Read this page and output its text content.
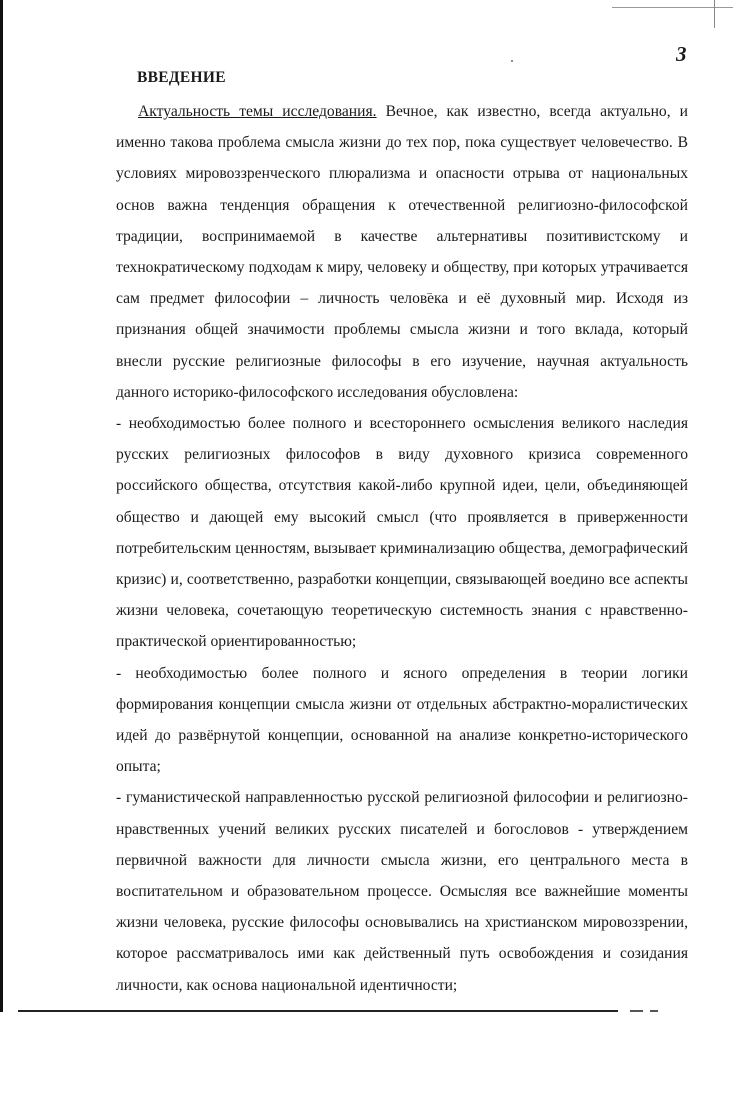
3
ВВЕДЕНИЕ

Актуальность темы исследования. Вечное, как известно, всегда актуально, и именно такова проблема смысла жизни до тех пор, пока существует человечество. В условиях мировоззренческого плюрализма и опасности отрыва от национальных основ важна тенденция обращения к отечественной религиозно-философской традиции, воспринимаемой в качестве альтернативы позитивистскому и технократическому подходам к миру, человеку и обществу, при которых утрачивается сам предмет философии – личность человека и её духовный мир. Исходя из признания общей значимости проблемы смысла жизни и того вклада, который внесли русские религиозные философы в его изучение, научная актуальность данного историко-философского исследования обусловлена:

- необходимостью более полного и всестороннего осмысления великого наследия русских религиозных философов в виду духовного кризиса современного российского общества, отсутствия какой-либо крупной идеи, цели, объединяющей общество и дающей ему высокий смысл (что проявляется в приверженности потребительским ценностям, вызывает криминализацию общества, демографический кризис) и, соответственно, разработки концепции, связывающей воедино все аспекты жизни человека, сочетающую теоретическую системность знания с нравственно-практической ориентированностью;

- необходимостью более полного и ясного определения в теории логики формирования концепции смысла жизни от отдельных абстрактно-моралистических идей до развёрнутой концепции, основанной на анализе конкретно-исторического опыта;

- гуманистической направленностью русской религиозной философии и религиозно-нравственных учений великих русских писателей и богословов - утверждением первичной важности для личности смысла жизни, его центрального места в воспитательном и образовательном процессе. Осмысляя все важнейшие моменты жизни человека, русские философы основывались на христианском мировоззрении, которое рассматривалось ими как действенный путь освобождения и созидания личности, как основа национальной идентичности;
